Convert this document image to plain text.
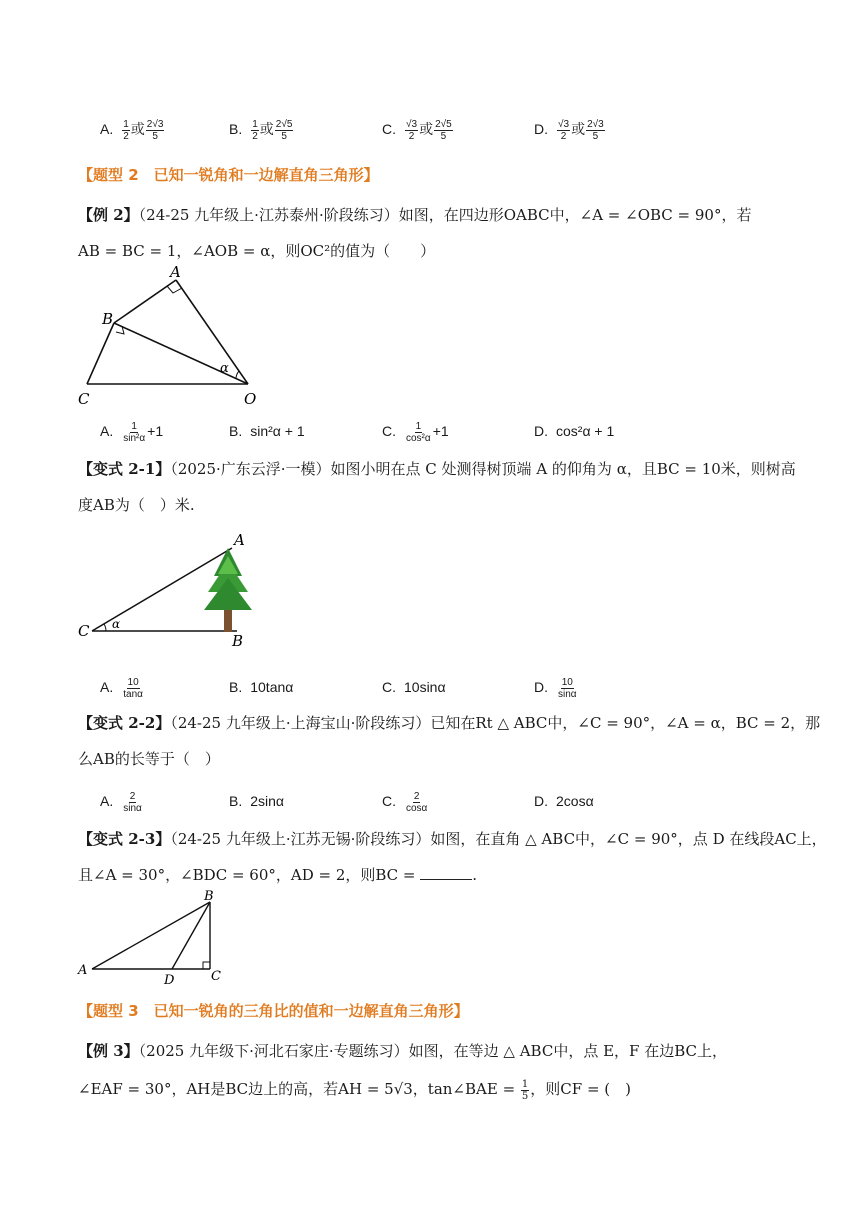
A. $\frac{1}{2}$ 或 $\frac{2√3}{5}$	B. $\frac{1}{2}$ 或 $\frac{2√5}{5}$	C. $\frac{√3}{2}$ 或 $\frac{2√5}{5}$	D. $\frac{√3}{2}$ 或 $\frac{2√3}{5}$
【题型 2　已知一锐角和一边解直角三角形】
【例 2】（24-25 九年级上·江苏泰州·阶段练习）如图，在四边形OABC中，∠A = ∠OBC = 90°，若
AB = BC = 1，∠AOB = α，则OC²的值为（　　）
A
B
C	O
α
A. $\frac{1}{\text{sin²α}} +1$	B. sin²α + 1	C. $\frac{1}{\text{cos²α}} +1$	D. cos²α + 1
【变式 2-1】（2025·广东云浮·一模）如图小明在点 C 处测得树顶端 A 的仰角为 α，且BC = 10米，则树高
度AB为（　）米.
A
B
C α
A. $\frac{10}{\tan\alpha}$	B. 10tanα	C. 10sinα	D. $\frac{10}{\sin\alpha}$
【变式 2-2】（24-25 九年级上·上海宝山·阶段练习）已知在Rt △ ABC中，∠C = 90°，∠A = α，BC = 2，那
么AB的长等于（　）
A. $\frac{2}{\sin\alpha}$	B. 2sinα	C. $\frac{2}{\cos\alpha}$	D. 2cosα
【变式 2-3】（24-25 九年级上·江苏无锡·阶段练习）如图，在直角 △ ABC中，∠C = 90°，点 D 在线段AC上，
且∠A = 30°，∠BDC = 60°，AD = 2，则BC =	.
B
A
D	C
【题型 3　已知一锐角的三角比的值和一边解直角三角形】
【例 3】（2025 九年级下·河北石家庄·专题练习）如图，在等边 △ ABC中，点 E，F 在边BC上，
∠EAF = 30°，AH是BC边上的高，若AH = 5√3，tan∠BAE = $\frac{1}{5}$ ，则CF = (　)
